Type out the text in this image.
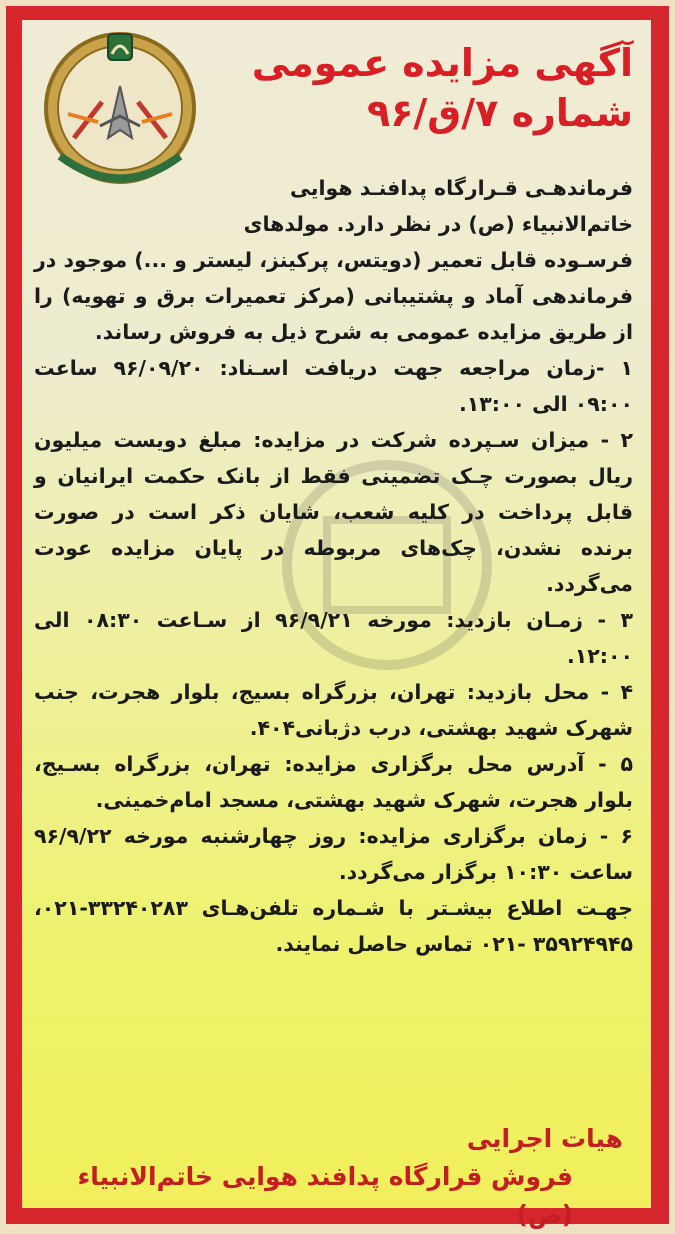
آگهی مزایده عمومی
شماره ۷/ق/۹۶

فرماندهـی قـرارگاه پدافنـد هوایی

خاتم‌الانبیاء (ص) در نظر دارد. مولدهای

فرسـوده قابل تعمیر (دویتس، پرکینز، لیستر و ...) موجود در فرماندهی آماد و پشتیبانی (مرکز تعمیرات برق و تهویه) را از طریق مزایده عمومی به شرح ذیل به فروش رساند.

۱ -زمان مراجعه جهت دریافت اسـناد: ۹۶/۰۹/۲۰ ساعت ۰۹:۰۰ الی ۱۳:۰۰.

۲ - میزان سـپرده شرکت در مزایده: مبلغ دویست میلیون ریال بصورت چـک تضمینی فقط از بانک حکمت ایرانیان و قابل پرداخت در کلیه شعب، شایان ذکر است در صورت برنده نشدن، چک‌های مربوطه در پایان مزایده عودت می‌گردد.

۳ - زمـان بازدید: مورخه ۹۶/۹/۲۱ از سـاعت ۰۸:۳۰ الی ۱۲:۰۰.

۴ - محل بازدید: تهران، بزرگراه بسیج، بلوار هجرت، جنب شهرک شهید بهشتی، درب دژبانی۴۰۴.

۵ - آدرس محل برگزاری مزایده: تهران، بزرگراه بسـیج، بلوار هجرت، شهرک شهید بهشتی، مسجد امام‌خمینی.

۶ - زمان برگزاری مزایده: روز چهارشنبه مورخه ۹۶/۹/۲۲ ساعت ۱۰:۳۰ برگزار می‌گردد.

جهـت اطلاع بیشـتر با شـماره تلفن‌هـای ۳۳۲۴۰۲۸۳-۰۲۱، ۳۵۹۲۴۹۴۵ -۰۲۱ تماس حاصل نمایند.

هیات اجرایی
فروش قرارگاه پدافند هوایی خاتم‌الانبیاء (ص)
